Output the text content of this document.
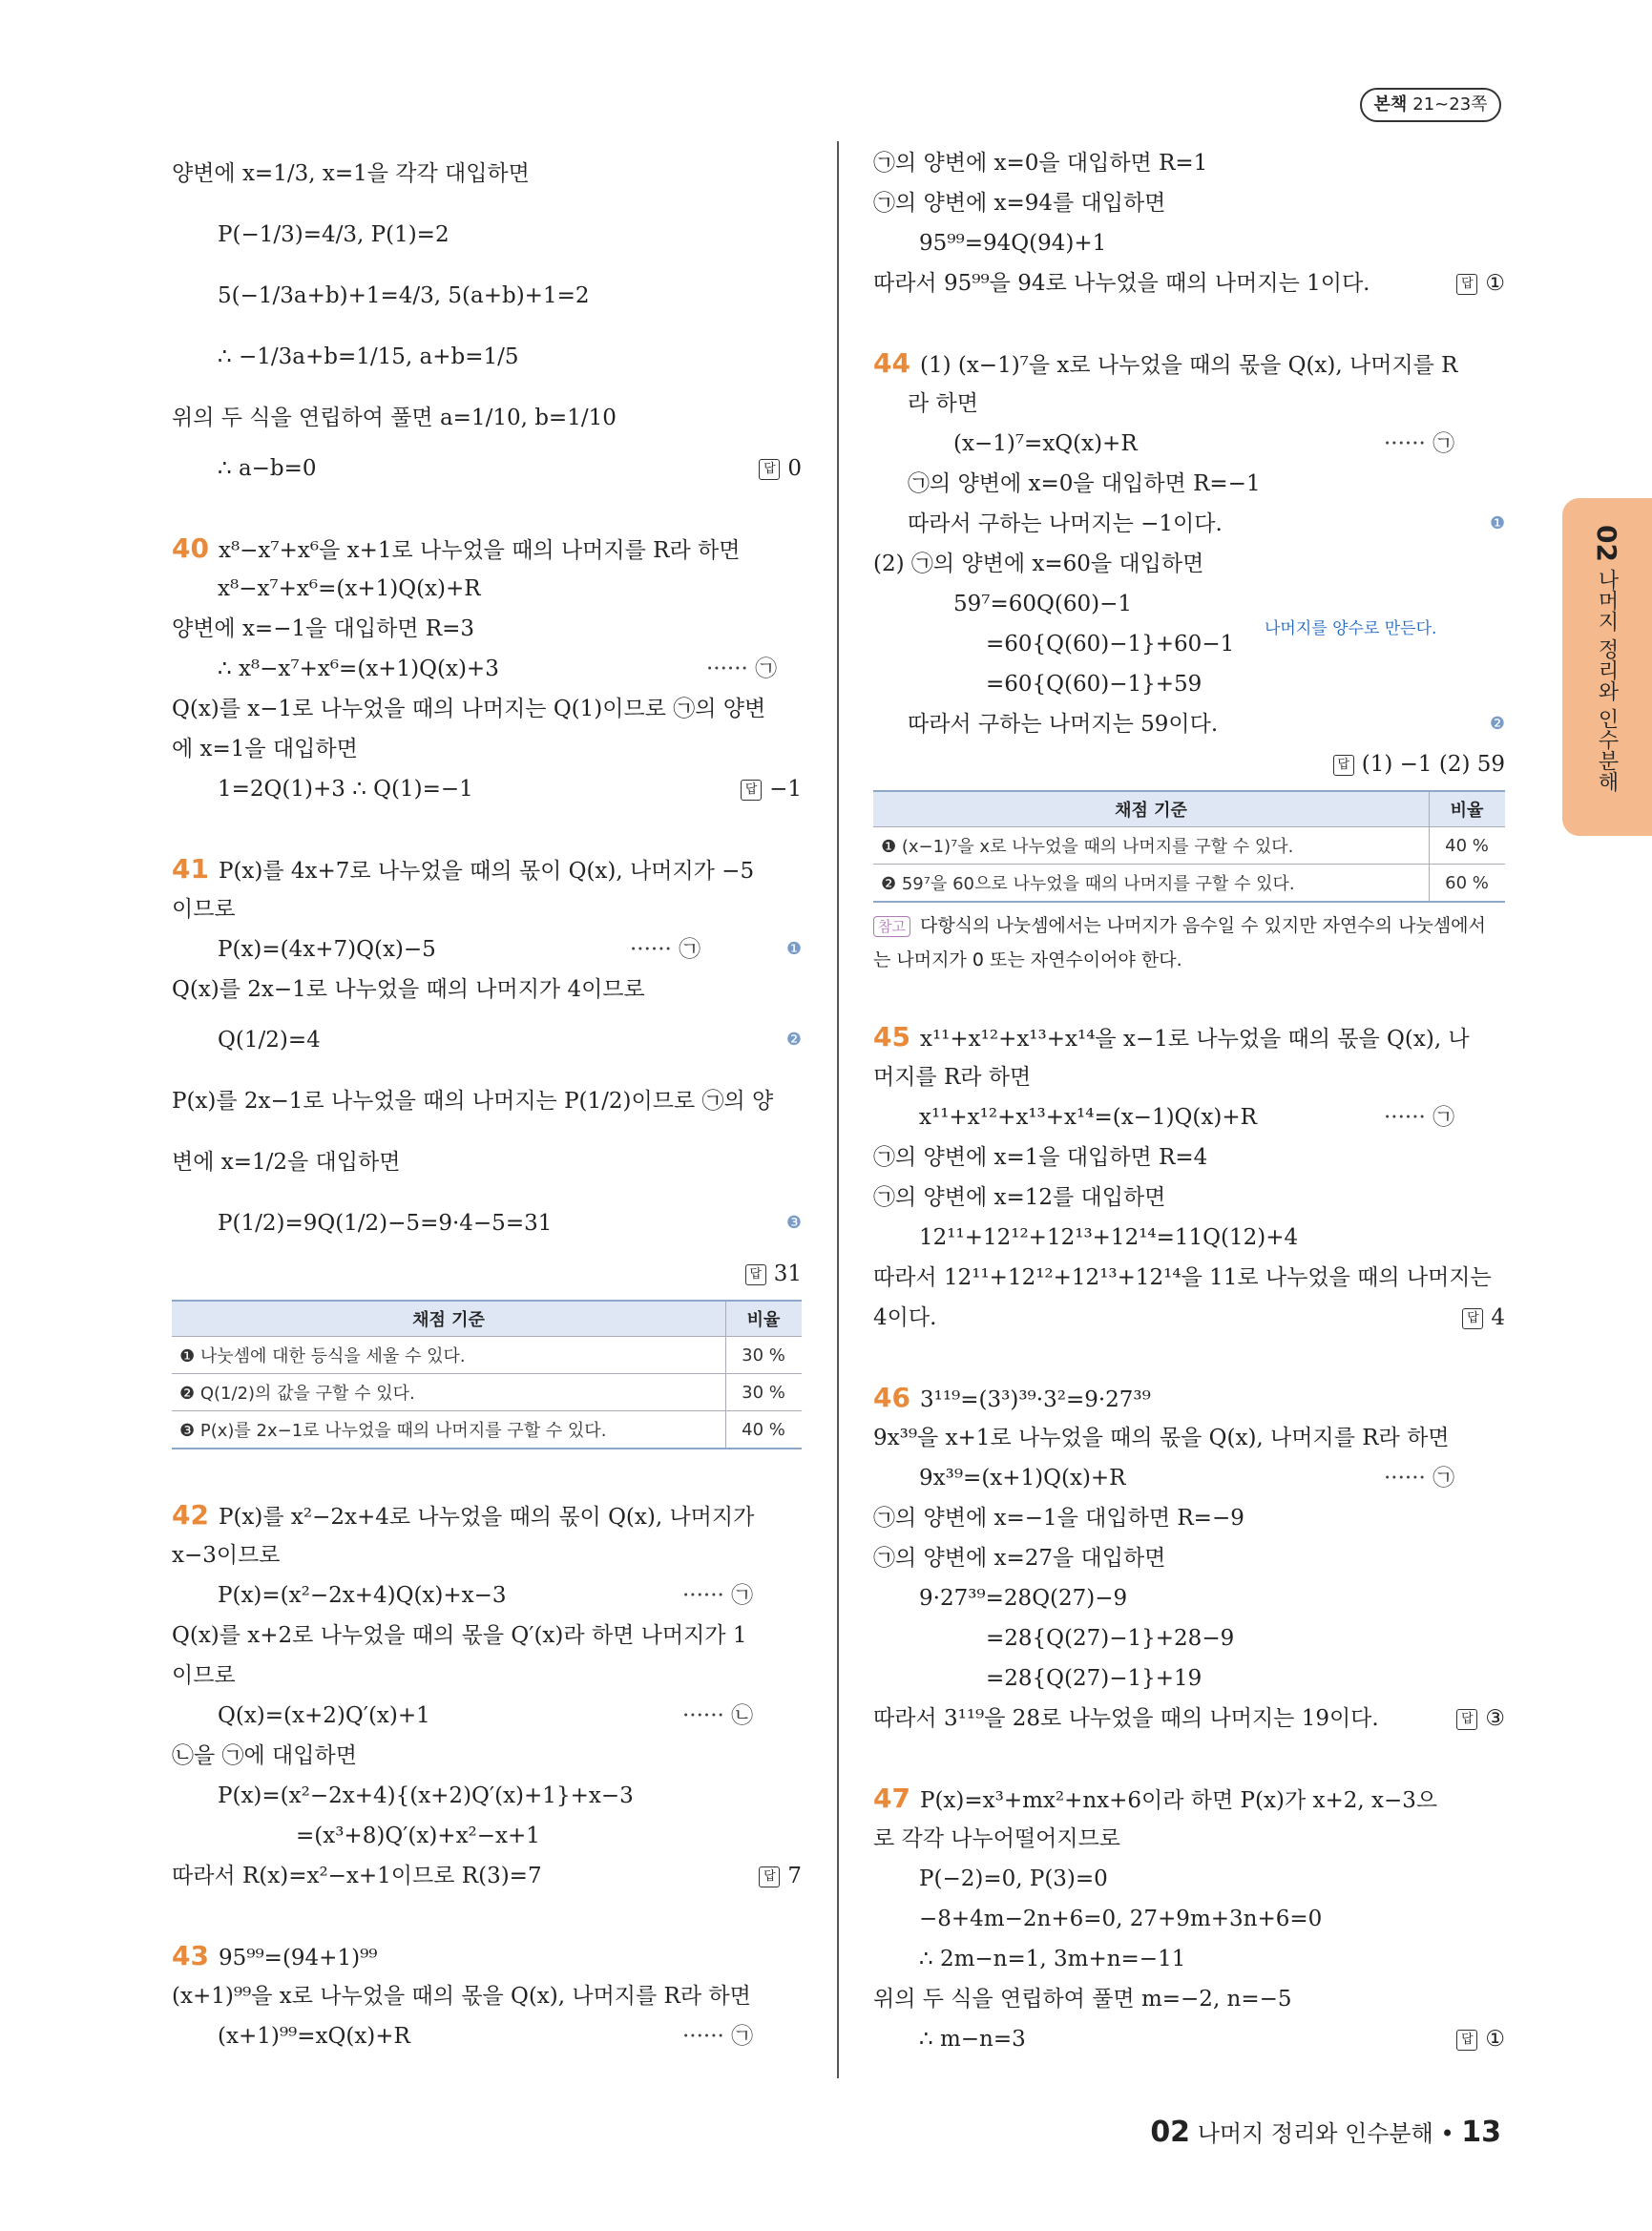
본책 21~23쪽
양변에 x=1/3, x=1을 각각 대입하면
P(−1/3)=4/3, P(1)=2
5(−1/3a+b)+1=4/3, 5(a+b)+1=2
∴ −1/3a+b=1/15, a+b=1/5
위의 두 식을 연립하여 풀면 a=1/10, b=1/10
∴ a−b=0	답 0
40 x⁸−x⁷+x⁶을 x+1로 나누었을 때의 나머지를 R라 하면
x⁸−x⁷+x⁶=(x+1)Q(x)+R
양변에 x=−1을 대입하면 R=3
∴ x⁸−x⁷+x⁶=(x+1)Q(x)+3	······ ㉠
Q(x)를 x−1로 나누었을 때의 나머지는 Q(1)이므로 ㉠의 양변
에 x=1을 대입하면
1=2Q(1)+3 ∴ Q(1)=−1	답 −1
41 P(x)를 4x+7로 나누었을 때의 몫이 Q(x), 나머지가 −5
이므로
P(x)=(4x+7)Q(x)−5	······ ㉠	❶
Q(x)를 2x−1로 나누었을 때의 나머지가 4이므로
Q(1/2)=4	❷
P(x)를 2x−1로 나누었을 때의 나머지는 P(1/2)이므로 ㉠의 양
변에 x=1/2을 대입하면
P(1/2)=9Q(1/2)−5=9·4−5=31	❸
답 31
채점 기준	비율
❶ 나눗셈에 대한 등식을 세울 수 있다.	30 %
❷ Q(1/2)의 값을 구할 수 있다.	30 %
❸ P(x)를 2x−1로 나누었을 때의 나머지를 구할 수 있다.	40 %
42 P(x)를 x²−2x+4로 나누었을 때의 몫이 Q(x), 나머지가
x−3이므로
P(x)=(x²−2x+4)Q(x)+x−3	······ ㉠
Q(x)를 x+2로 나누었을 때의 몫을 Q′(x)라 하면 나머지가 1
이므로
Q(x)=(x+2)Q′(x)+1	······ ㉡
㉡을 ㉠에 대입하면
P(x)=(x²−2x+4){(x+2)Q′(x)+1}+x−3
=(x³+8)Q′(x)+x²−x+1
따라서 R(x)=x²−x+1이므로 R(3)=7	답 7
43 95⁹⁹=(94+1)⁹⁹
(x+1)⁹⁹을 x로 나누었을 때의 몫을 Q(x), 나머지를 R라 하면
(x+1)⁹⁹=xQ(x)+R	······ ㉠
㉠의 양변에 x=0을 대입하면 R=1
㉠의 양변에 x=94를 대입하면
95⁹⁹=94Q(94)+1
따라서 95⁹⁹을 94로 나누었을 때의 나머지는 1이다.	답 ①
44 (1) (x−1)⁷을 x로 나누었을 때의 몫을 Q(x), 나머지를 R
라 하면
(x−1)⁷=xQ(x)+R	······ ㉠
㉠의 양변에 x=0을 대입하면 R=−1
따라서 구하는 나머지는 −1이다.	❶
(2) ㉠의 양변에 x=60을 대입하면
59⁷=60Q(60)−1
=60{Q(60)−1}+60−1
나머지를 양수로 만든다.
=60{Q(60)−1}+59
따라서 구하는 나머지는 59이다.	❷
답 (1) −1 (2) 59
채점 기준	비율
❶ (x−1)⁷을 x로 나누었을 때의 나머지를 구할 수 있다.	40 %
❷ 59⁷을 60으로 나누었을 때의 나머지를 구할 수 있다.	60 %
참고 다항식의 나눗셈에서는 나머지가 음수일 수 있지만 자연수의 나눗셈에서
는 나머지가 0 또는 자연수이어야 한다.
45 x¹¹+x¹²+x¹³+x¹⁴을 x−1로 나누었을 때의 몫을 Q(x), 나
머지를 R라 하면
x¹¹+x¹²+x¹³+x¹⁴=(x−1)Q(x)+R	······ ㉠
㉠의 양변에 x=1을 대입하면 R=4
㉠의 양변에 x=12를 대입하면
12¹¹+12¹²+12¹³+12¹⁴=11Q(12)+4
따라서 12¹¹+12¹²+12¹³+12¹⁴을 11로 나누었을 때의 나머지는
4이다.	답 4
46 3¹¹⁹=(3³)³⁹·3²=9·27³⁹
9x³⁹을 x+1로 나누었을 때의 몫을 Q(x), 나머지를 R라 하면
9x³⁹=(x+1)Q(x)+R	······ ㉠
㉠의 양변에 x=−1을 대입하면 R=−9
㉠의 양변에 x=27을 대입하면
9·27³⁹=28Q(27)−9
=28{Q(27)−1}+28−9
=28{Q(27)−1}+19
따라서 3¹¹⁹을 28로 나누었을 때의 나머지는 19이다.	답 ③
47 P(x)=x³+mx²+nx+6이라 하면 P(x)가 x+2, x−3으
로 각각 나누어떨어지므로
P(−2)=0, P(3)=0
−8+4m−2n+6=0, 27+9m+3n+6=0
∴ 2m−n=1, 3m+n=−11
위의 두 식을 연립하여 풀면 m=−2, n=−5
∴ m−n=3	답 ①
02 나머지 정리와 인수분해
02 나머지 정리와 인수분해 • 13
